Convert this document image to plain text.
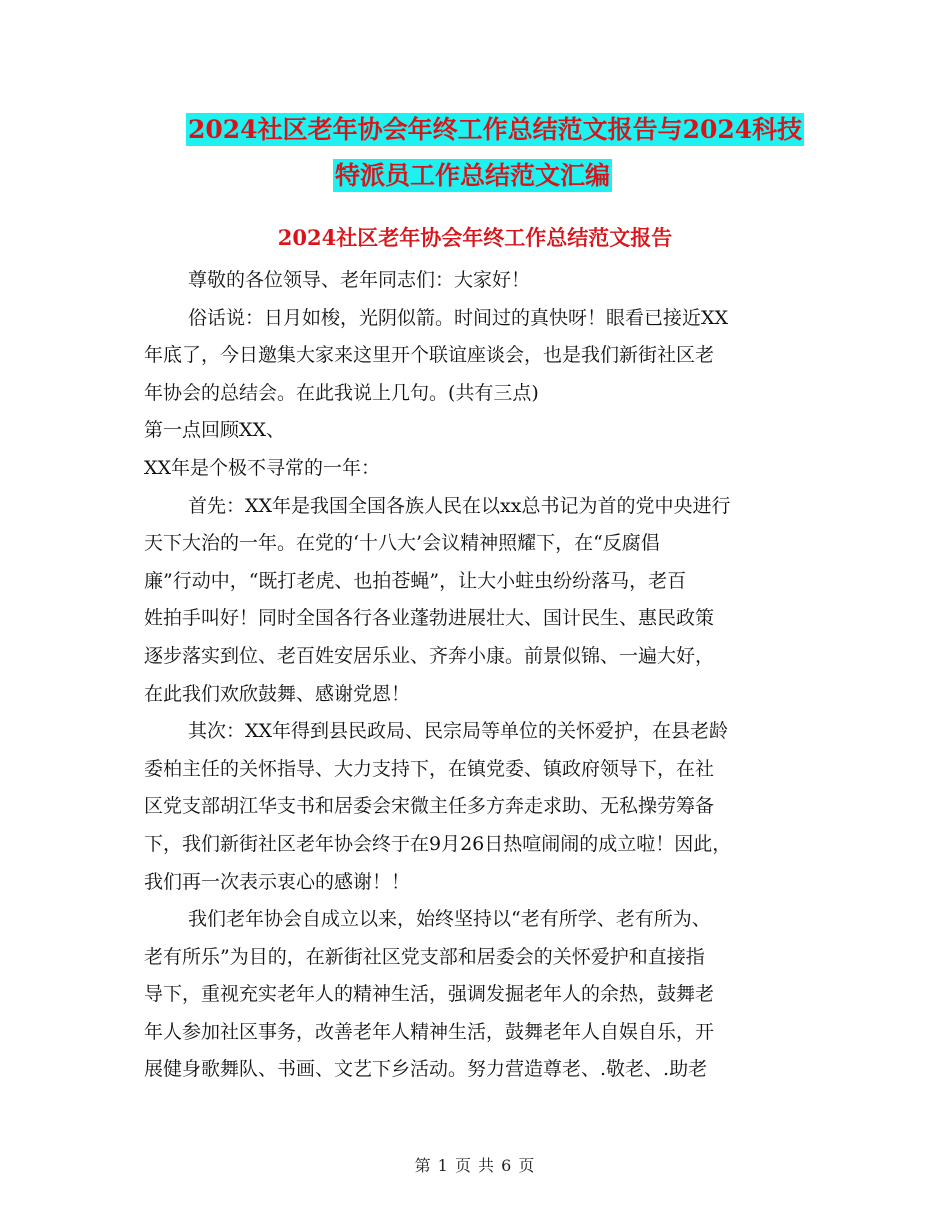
2024社区老年协会年终工作总结范文报告与2024科技
特派员工作总结范文汇编
2024社区老年协会年终工作总结范文报告
尊敬的各位领导、老年同志们：大家好！
俗话说：日月如梭，光阴似箭。时间过的真快呀！眼看已接近XX
年底了，今日邀集大家来这里开个联谊座谈会，也是我们新街社区老
年协会的总结会。在此我说上几句。(共有三点)
第一点回顾XX、
XX年是个极不寻常的一年：
首先：XX年是我国全国各族人民在以xx总书记为首的党中央进行
天下大治的一年。在党的‘十八大’会议精神照耀下，在“反腐倡
廉”行动中，“既打老虎、也拍苍蝇”，让大小蛀虫纷纷落马，老百
姓拍手叫好！同时全国各行各业蓬勃进展壮大、国计民生、惠民政策
逐步落实到位、老百姓安居乐业、齐奔小康。前景似锦、一遍大好，
在此我们欢欣鼓舞、感谢党恩！
其次：XX年得到县民政局、民宗局等单位的关怀爱护，在县老龄
委柏主任的关怀指导、大力支持下，在镇党委、镇政府领导下，在社
区党支部胡江华支书和居委会宋微主任多方奔走求助、无私操劳筹备
下，我们新街社区老年协会终于在9月26日热喧闹闹的成立啦！因此，
我们再一次表示衷心的感谢！！
我们老年协会自成立以来，始终坚持以“老有所学、老有所为、
老有所乐”为目的，在新街社区党支部和居委会的关怀爱护和直接指
导下，重视充实老年人的精神生活，强调发掘老年人的余热，鼓舞老
年人参加社区事务，改善老年人精神生活，鼓舞老年人自娱自乐，开
展健身歌舞队、书画、文艺下乡活动。努力营造尊老、.敬老、.助老
第 1 页 共 6 页
